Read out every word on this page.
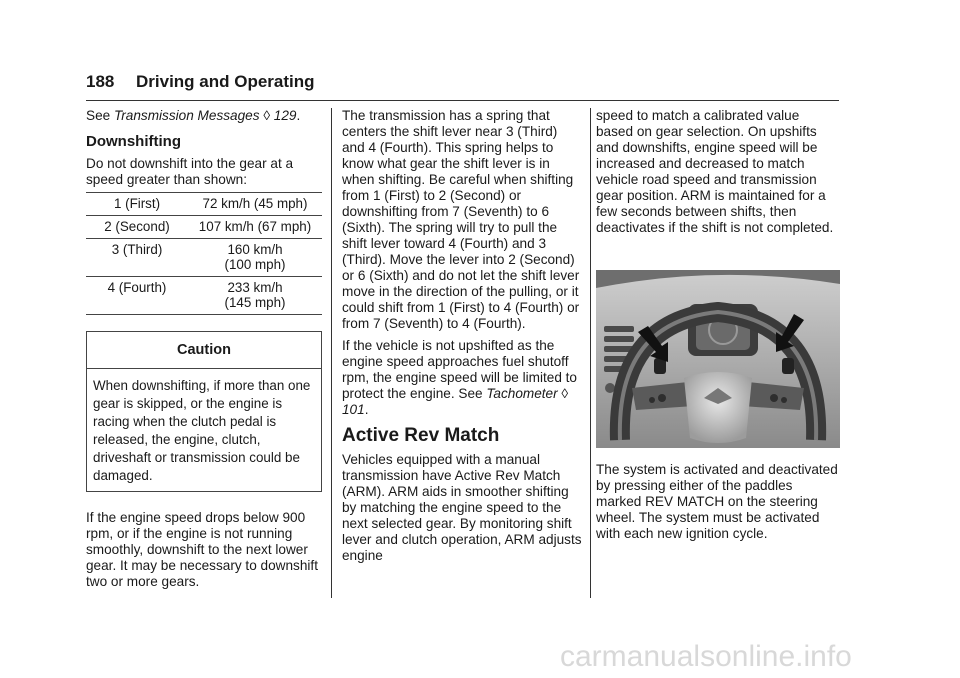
188 Driving and Operating

See Transmission Messages ◊ 129.

Downshifting

Do not downshift into the gear at a speed greater than shown:

1 (First)	72 km/h (45 mph)
2 (Second)	107 km/h (67 mph)
3 (Third)	160 km/h
(100 mph)
4 (Fourth)	233 km/h
(145 mph)
Caution
When downshifting, if more than one gear is skipped, or the engine is racing when the clutch pedal is released, the engine, clutch, driveshaft or transmission could be damaged.

If the engine speed drops below 900 rpm, or if the engine is not running smoothly, downshift to the next lower gear. It may be necessary to downshift two or more gears.

The transmission has a spring that centers the shift lever near 3 (Third) and 4 (Fourth). This spring helps to know what gear the shift lever is in when shifting. Be careful when shifting from 1 (First) to 2 (Second) or downshifting from 7 (Seventh) to 6 (Sixth). The spring will try to pull the shift lever toward 4 (Fourth) and 3 (Third). Move the lever into 2 (Second) or 6 (Sixth) and do not let the shift lever move in the direction of the pulling, or it could shift from 1 (First) to 4 (Fourth) or from 7 (Seventh) to 4 (Fourth).

If the vehicle is not upshifted as the engine speed approaches fuel shutoff rpm, the engine speed will be limited to protect the engine. See Tachometer ◊ 101.

Active Rev Match

Vehicles equipped with a manual transmission have Active Rev Match (ARM). ARM aids in smoother shifting by matching the engine speed to the next selected gear. By monitoring shift lever and clutch operation, ARM adjusts engine

speed to match a calibrated value based on gear selection. On upshifts and downshifts, engine speed will be increased and decreased to match vehicle road speed and transmission gear position. ARM is maintained for a few seconds between shifts, then deactivates if the shift is not completed.

The system is activated and deactivated by pressing either of the paddles marked REV MATCH on the steering wheel. The system must be activated with each new ignition cycle.

carmanualsonline.info
